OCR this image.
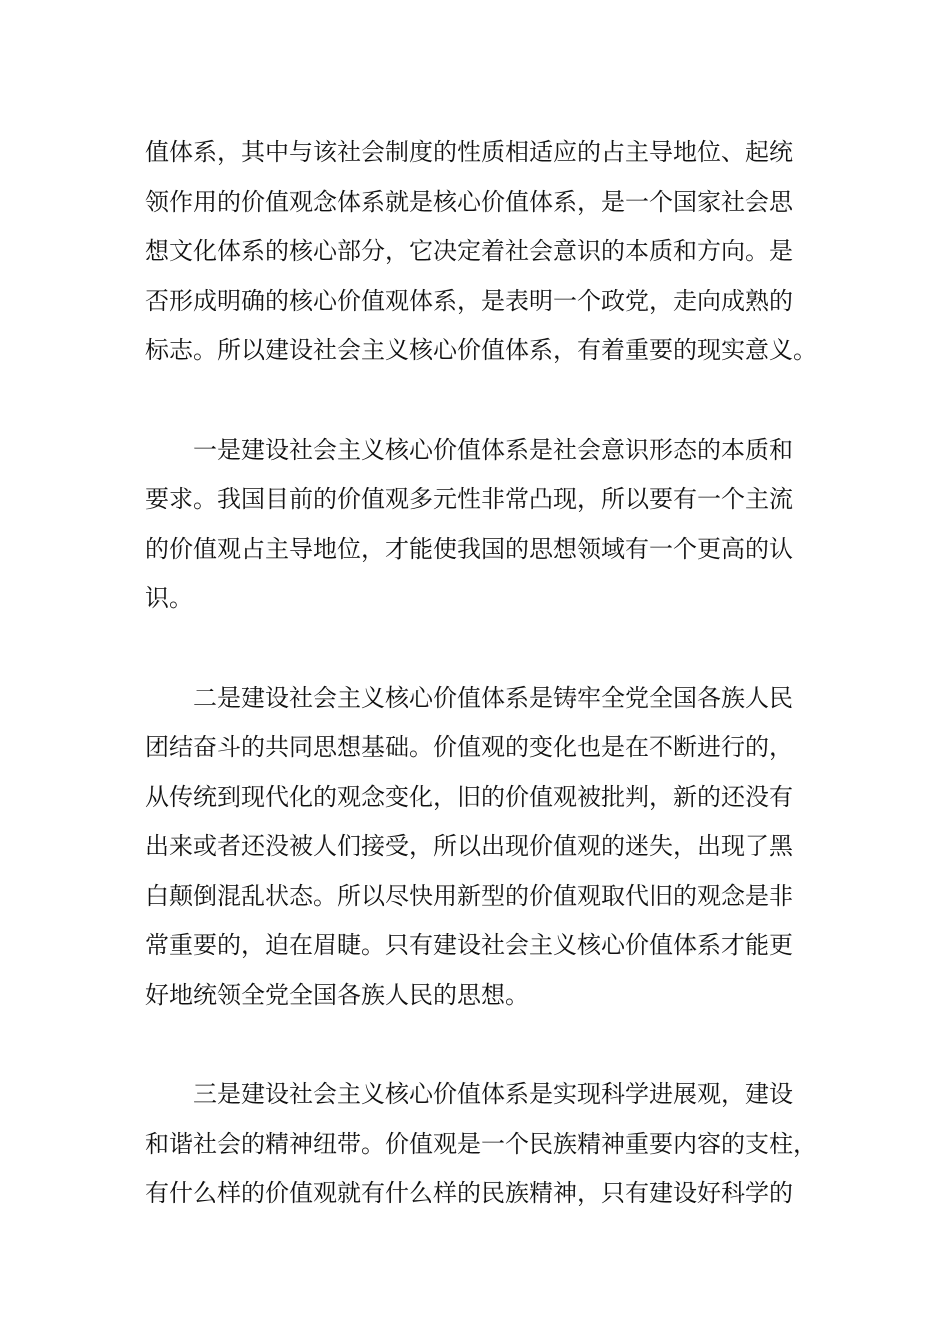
值体系，其中与该社会制度的性质相适应的占主导地位、起统
领作用的价值观念体系就是核心价值体系，是一个国家社会思
想文化体系的核心部分，它决定着社会意识的本质和方向。是
否形成明确的核心价值观体系，是表明一个政党，走向成熟的
标志。所以建设社会主义核心价值体系，有着重要的现实意义。

一是建设社会主义核心价值体系是社会意识形态的本质和
要求。我国目前的价值观多元性非常凸现，所以要有一个主流
的价值观占主导地位，才能使我国的思想领域有一个更高的认
识。

二是建设社会主义核心价值体系是铸牢全党全国各族人民
团结奋斗的共同思想基础。价值观的变化也是在不断进行的，
从传统到现代化的观念变化，旧的价值观被批判，新的还没有
出来或者还没被人们接受，所以出现价值观的迷失，出现了黑
白颠倒混乱状态。所以尽快用新型的价值观取代旧的观念是非
常重要的，迫在眉睫。只有建设社会主义核心价值体系才能更
好地统领全党全国各族人民的思想。

三是建设社会主义核心价值体系是实现科学进展观，建设
和谐社会的精神纽带。价值观是一个民族精神重要内容的支柱，
有什么样的价值观就有什么样的民族精神，只有建设好科学的
